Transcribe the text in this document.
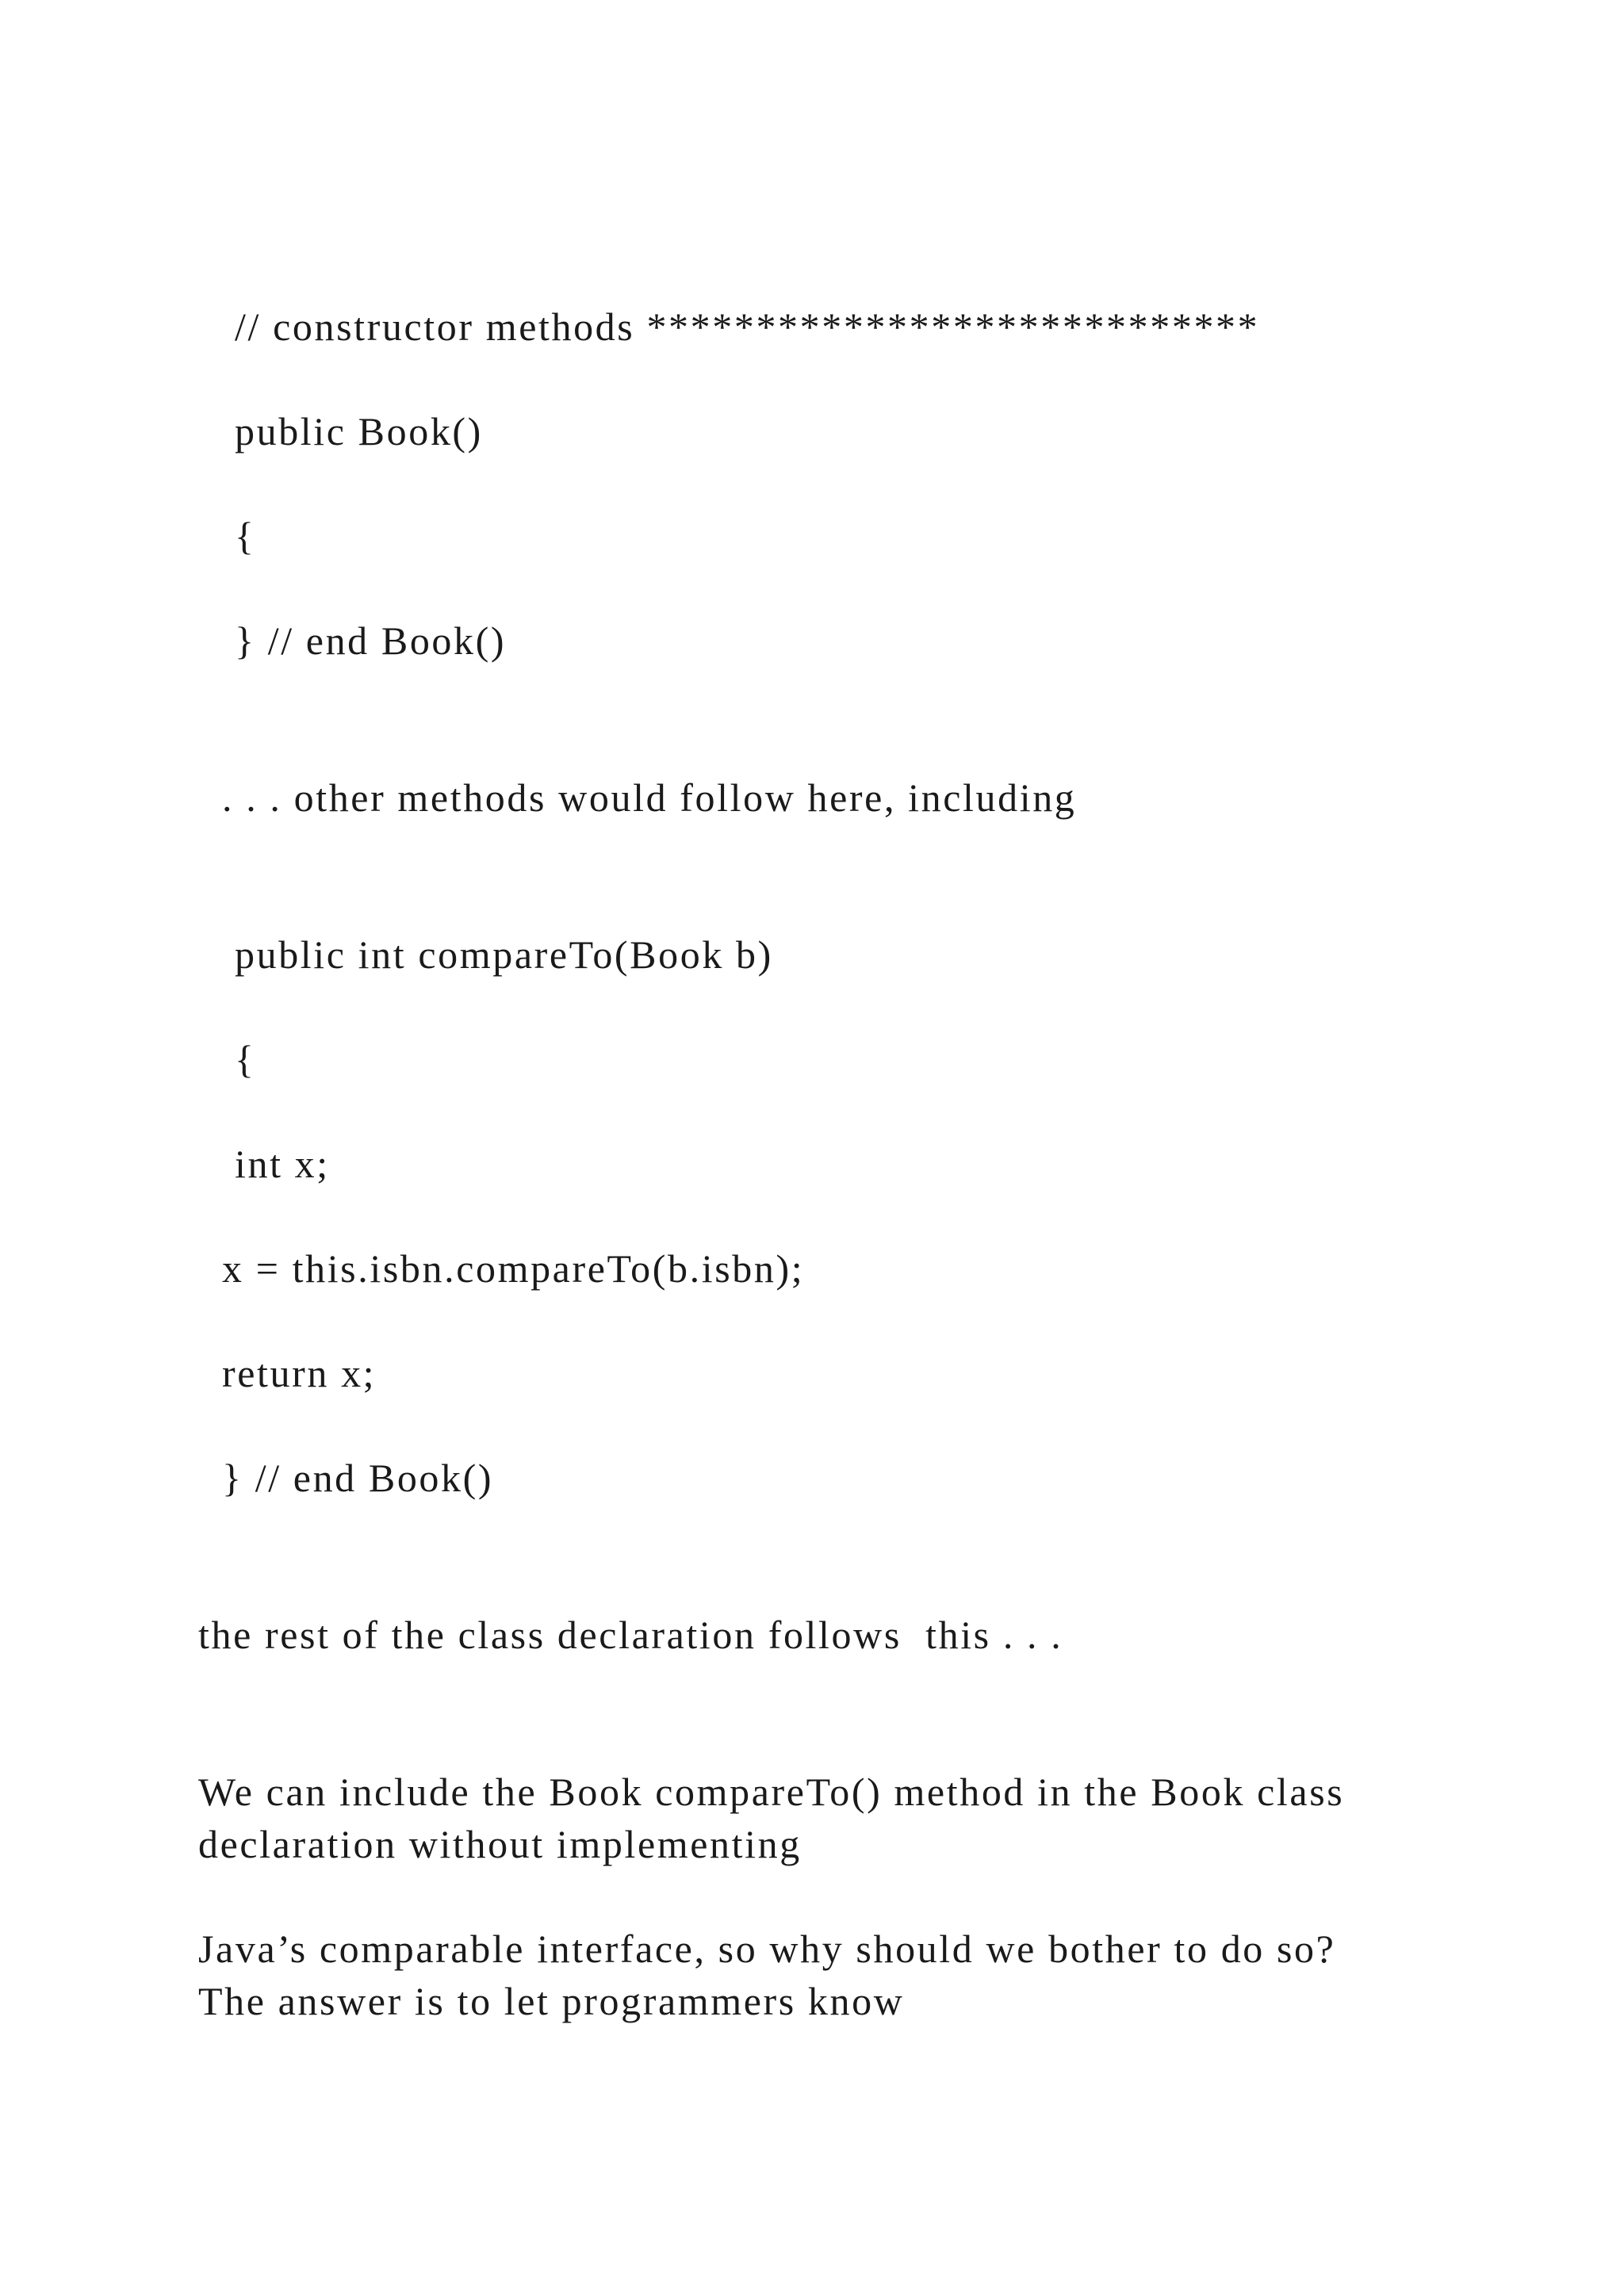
// constructor methods ****************************

public Book()

{

} // end Book()

. . . other methods would follow here, including

public int compareTo(Book b)

{

int x;

x = this.isbn.compareTo(b.isbn);

return x;

} // end Book()

the rest of the class declaration follows  this . . .

We can include the Book compareTo() method in the Book class

declaration without implementing

Java’s comparable interface, so why should we bother to do so?

The answer is to let programmers know
